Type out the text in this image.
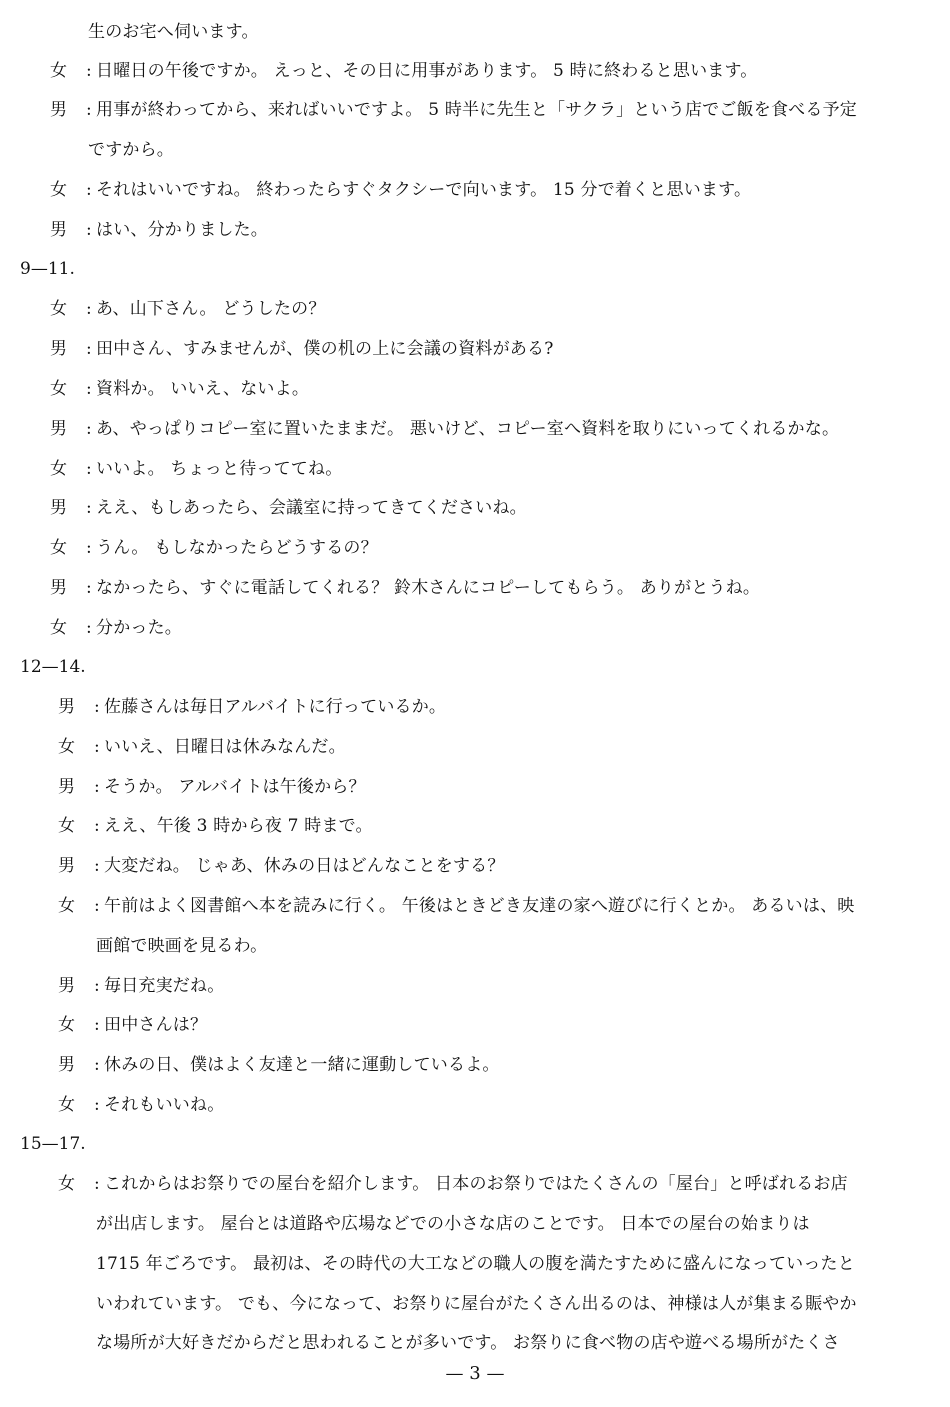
生のお宅へ伺います。
女 : 日曜日の午後ですか。 えっと、その日に用事があります。 5 時に終わると思います。
男 : 用事が終わってから、来ればいいですよ。 5 時半に先生と「サクラ」という店でご飯を食べる予定
ですから。
女 : それはいいですね。 終わったらすぐタクシーで向います。 15 分で着くと思います。
男 : はい、分かりました。
9—11.
女 : あ、山下さん。 どうしたの？
男 : 田中さん、すみませんが、僕の机の上に会議の資料がある?
女 : 資料か。 いいえ、ないよ。
男 : あ、やっぱりコピー室に置いたままだ。 悪いけど、コピー室へ資料を取りにいってくれるかな。
女 : いいよ。 ちょっと待っててね。
男 : ええ、もしあったら、会議室に持ってきてくださいね。
女 : うん。 もしなかったらどうするの？
男 : なかったら、すぐに電話してくれる？ 鈴木さんにコピーしてもらう。 ありがとうね。
女 : 分かった。
12—14.
男 : 佐藤さんは毎日アルバイトに行っているか。
女 : いいえ、日曜日は休みなんだ。
男 : そうか。 アルバイトは午後から？
女 : ええ、午後 3 時から夜 7 時まで。
男 : 大変だね。 じゃあ、休みの日はどんなことをする？
女 : 午前はよく図書館へ本を読みに行く。 午後はときどき友達の家へ遊びに行くとか。 あるいは、映
画館で映画を見るわ。
男 : 毎日充実だね。
女 : 田中さんは？
男 : 休みの日、僕はよく友達と一緒に運動しているよ。
女 : それもいいね。
15—17.
女 : これからはお祭りでの屋台を紹介します。 日本のお祭りではたくさんの「屋台」と呼ばれるお店
が出店します。 屋台とは道路や広場などでの小さな店のことです。 日本での屋台の始まりは
1715 年ごろです。 最初は、その時代の大工などの職人の腹を満たすために盛んになっていったと
いわれています。 でも、今になって、お祭りに屋台がたくさん出るのは、神様は人が集まる賑やか
な場所が大好きだからだと思われることが多いです。 お祭りに食べ物の店や遊べる場所がたくさ
— 3 —
